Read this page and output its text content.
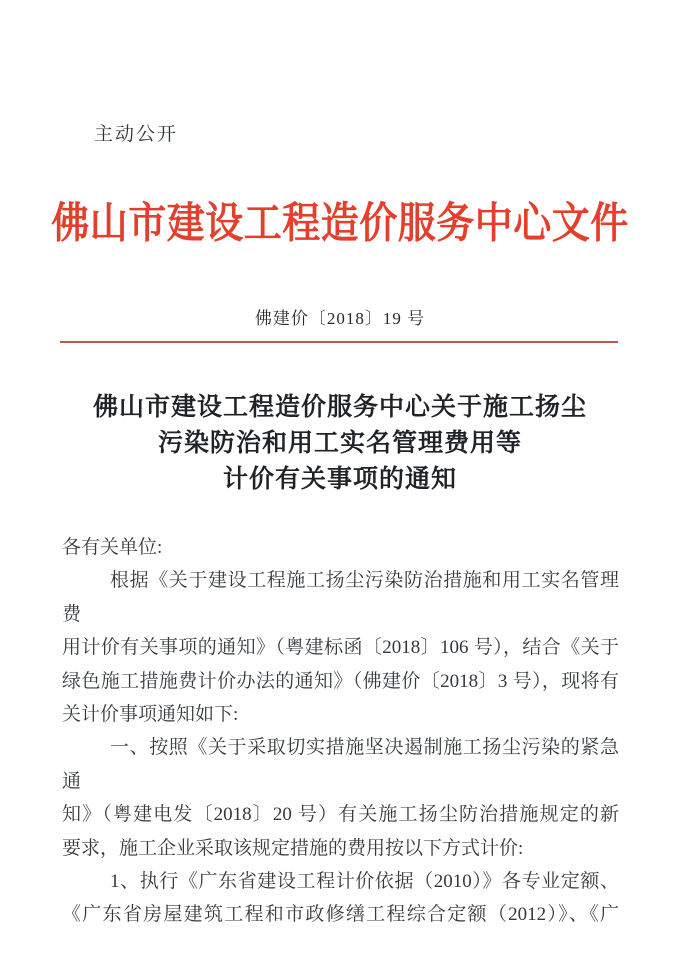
主动公开
佛山市建设工程造价服务中心文件
佛建价〔2018〕19 号
佛山市建设工程造价服务中心关于施工扬尘
污染防治和用工实名管理费用等
计价有关事项的通知
各有关单位:
根据《关于建设工程施工扬尘污染防治措施和用工实名管理费
用计价有关事项的通知》（粤建标函〔2018〕106 号），结合《关于
绿色施工措施费计价办法的通知》（佛建价〔2018〕3 号），现将有
关计价事项通知如下:
一、按照《关于采取切实措施坚决遏制施工扬尘污染的紧急通
知》（粤建电发〔2018〕20 号）有关施工扬尘防治措施规定的新
要求，施工企业采取该规定措施的费用按以下方式计价:
1、执行《广东省建设工程计价依据（2010）》各专业定额、
《广东省房屋建筑工程和市政修缮工程综合定额（2012）》、《广
